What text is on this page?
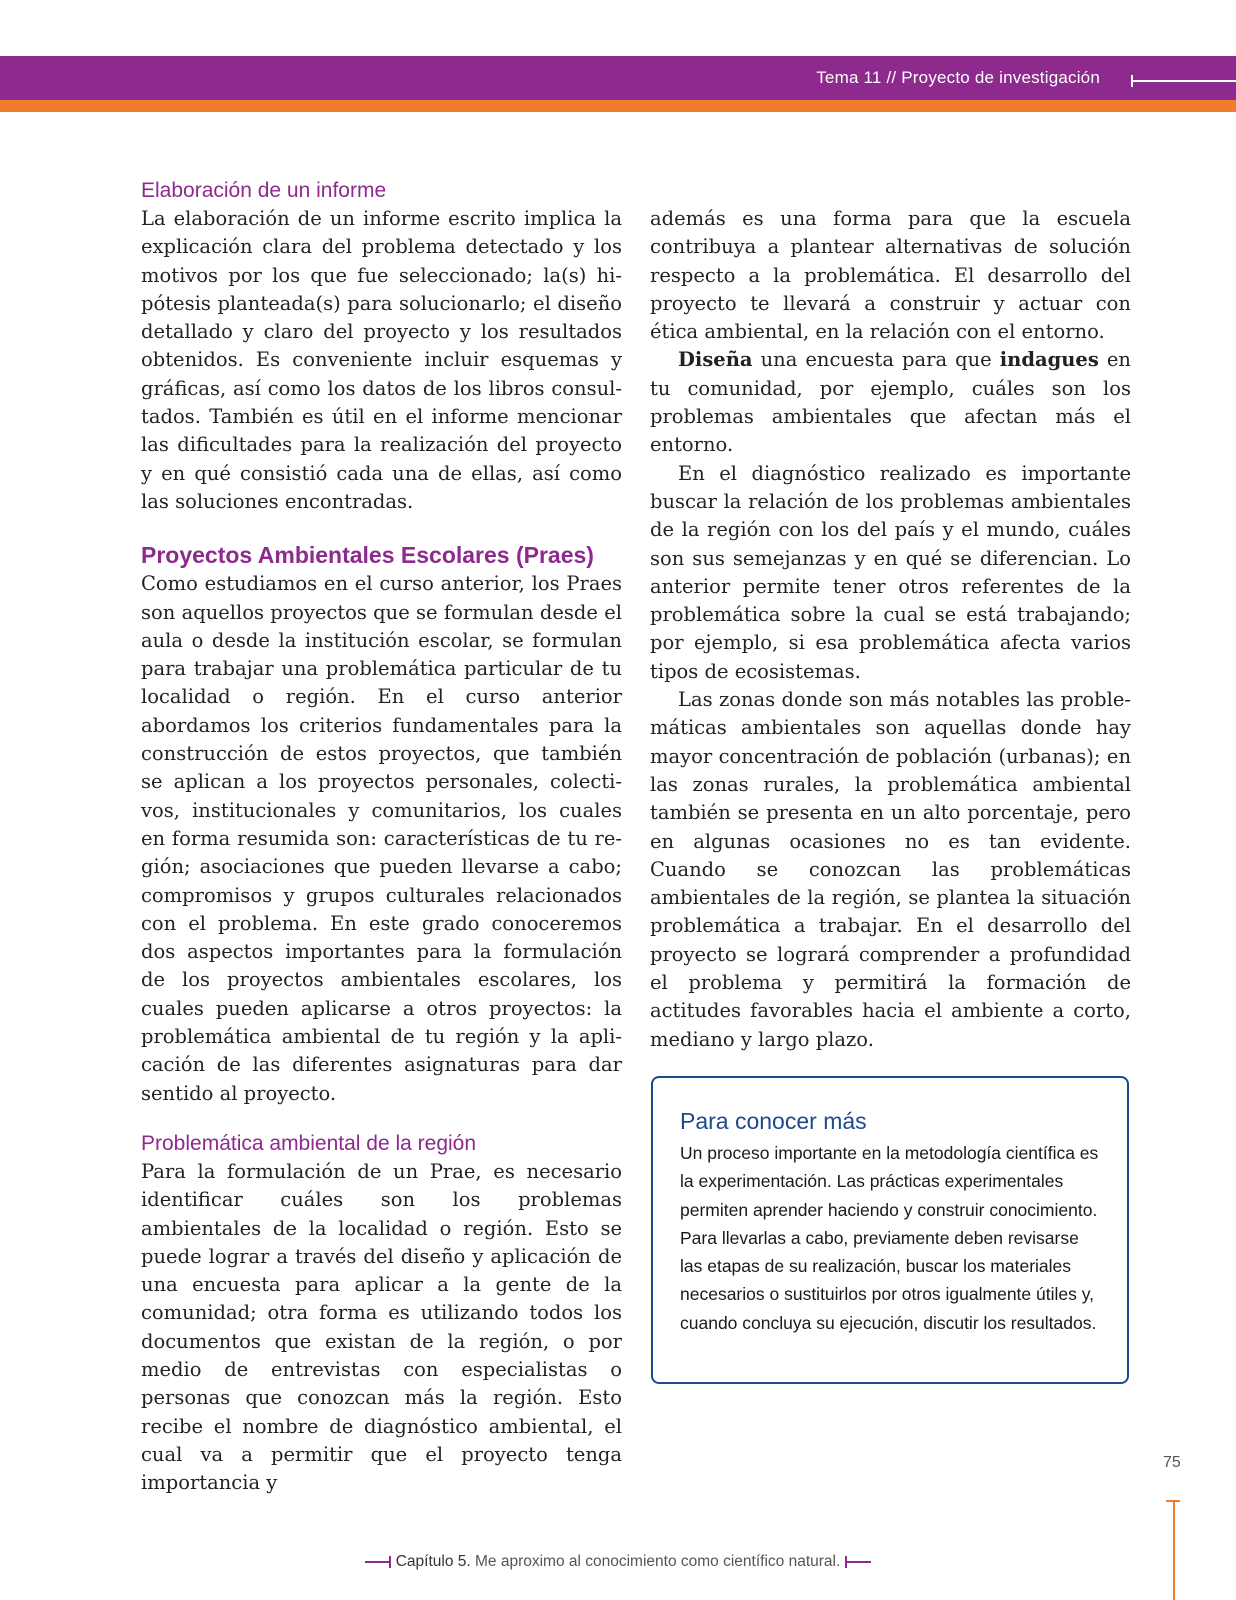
Tema 11 // Proyecto de investigación
Elaboración de un informe

La elaboración de un informe escrito implica la explicación clara del problema detectado y los motivos por los que fue seleccionado; la(s) hipótesis planteada(s) para solucionarlo; el diseño detallado y claro del proyecto y los resultados obtenidos. Es conveniente incluir esquemas y gráficas, así como los datos de los libros consultados. También es útil en el informe mencionar las dificultades para la realización del proyecto y en qué consistió cada una de ellas, así como las soluciones encontradas.

Proyectos Ambientales Escolares (Praes)

Como estudiamos en el curso anterior, los Praes son aquellos proyectos que se formulan desde el aula o desde la institución escolar, se formulan para trabajar una problemática particular de tu localidad o región. En el curso anterior abordamos los criterios fundamentales para la construcción de estos proyectos, que también se aplican a los proyectos personales, colectivos, institucionales y comunitarios, los cuales en forma resumida son: características de tu región; asociaciones que pueden llevarse a cabo; compromisos y grupos culturales relacionados con el problema. En este grado conoceremos dos aspectos importantes para la formulación de los proyectos ambientales escolares, los cuales pueden aplicarse a otros proyectos: la problemática ambiental de tu región y la aplicación de las diferentes asignaturas para dar sentido al proyecto.

Problemática ambiental de la región

Para la formulación de un Prae, es necesario identificar cuáles son los problemas ambientales de la localidad o región. Esto se puede lograr a través del diseño y aplicación de una encuesta para aplicar a la gente de la comunidad; otra forma es utilizando todos los documentos que existan de la región, o por medio de entrevistas con especialistas o personas que conozcan más la región. Esto recibe el nombre de diagnóstico ambiental, el cual va a permitir que el proyecto tenga importancia y

además es una forma para que la escuela contribuya a plantear alternativas de solución respecto a la problemática. El desarrollo del proyecto te llevará a construir y actuar con ética ambiental, en la relación con el entorno.

Diseña una encuesta para que indagues en tu comunidad, por ejemplo, cuáles son los problemas ambientales que afectan más el entorno.

En el diagnóstico realizado es importante buscar la relación de los problemas ambientales de la región con los del país y el mundo, cuáles son sus semejanzas y en qué se diferencian. Lo anterior permite tener otros referentes de la problemática sobre la cual se está trabajando; por ejemplo, si esa problemática afecta varios tipos de ecosistemas.

Las zonas donde son más notables las problemáticas ambientales son aquellas donde hay mayor concentración de población (urbanas); en las zonas rurales, la problemática ambiental también se presenta en un alto porcentaje, pero en algunas ocasiones no es tan evidente. Cuando se conozcan las problemáticas ambientales de la región, se plantea la situación problemática a trabajar. En el desarrollo del proyecto se logrará comprender a profundidad el problema y permitirá la formación de actitudes favorables hacia el ambiente a corto, mediano y largo plazo.

Para conocer más

Un proceso importante en la metodología científica es la experimentación. Las prácticas experimentales permiten aprender haciendo y construir conocimiento. Para llevarlas a cabo, previamente deben revisarse las etapas de su realización, buscar los materiales necesarios o sustituirlos por otros igualmente útiles y, cuando concluya su ejecución, discutir los resultados.

75
Capítulo 5. Me aproximo al conocimiento como científico natural.
